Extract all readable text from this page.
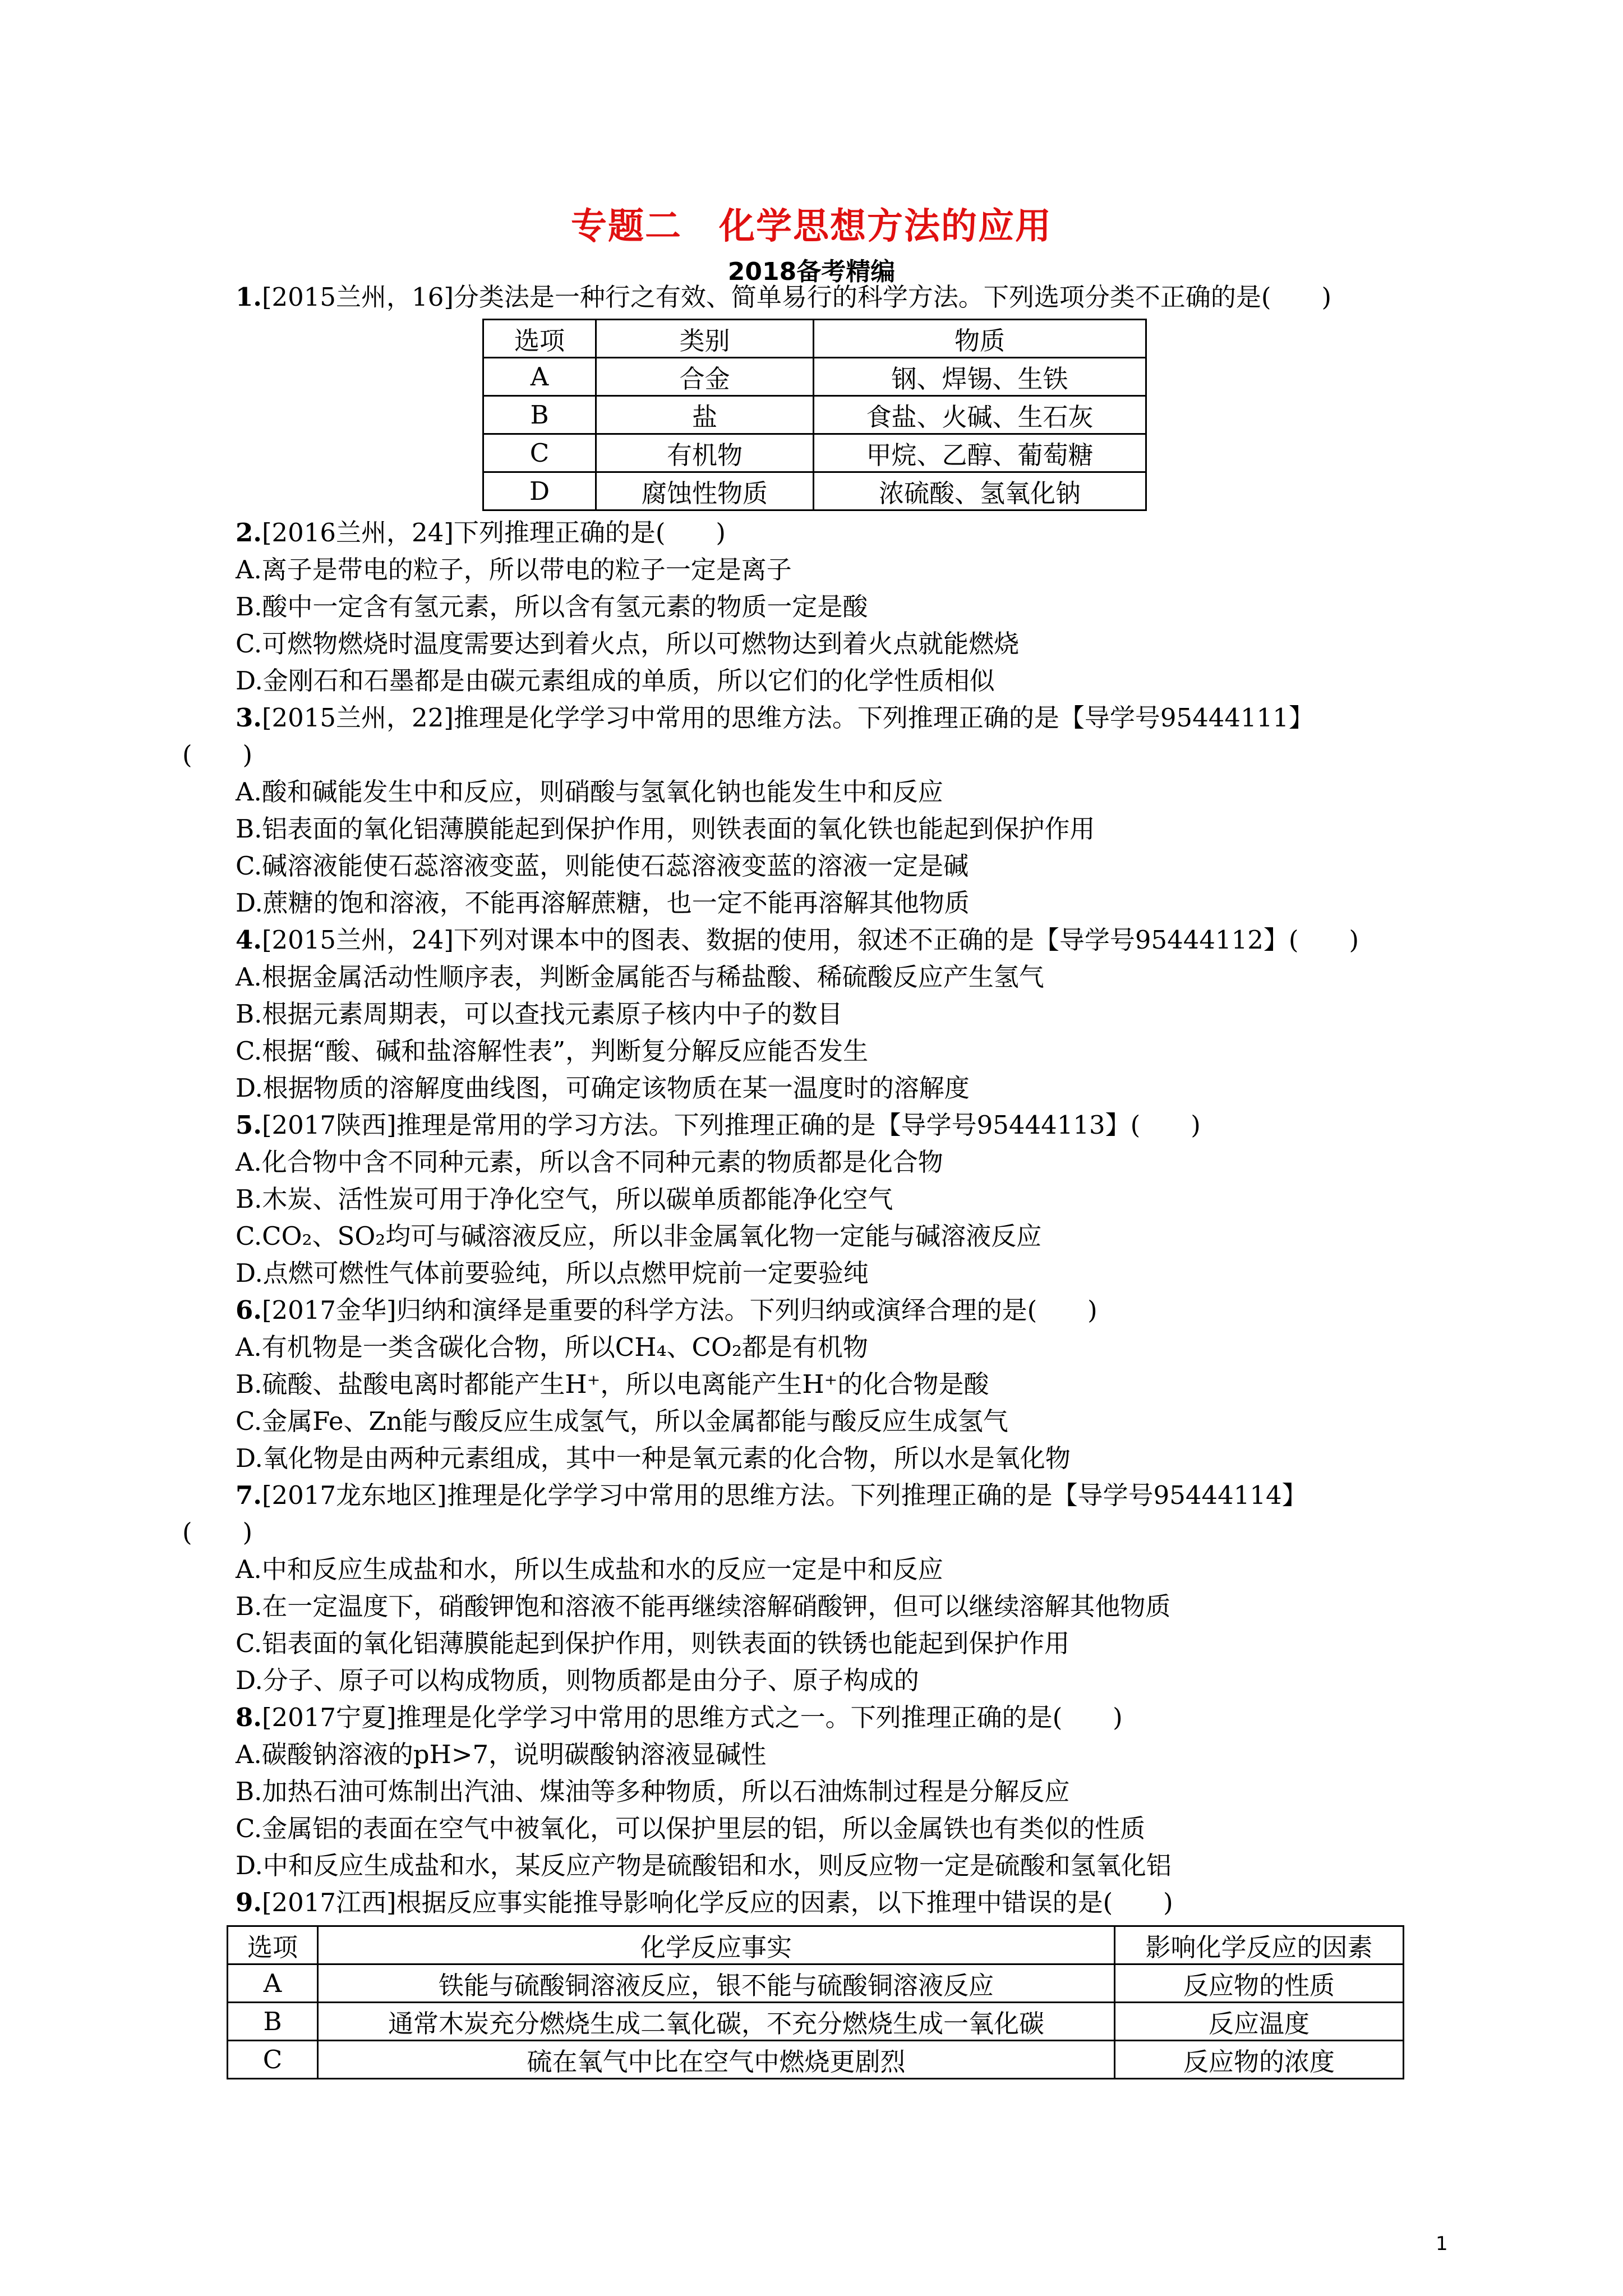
专题二　化学思想方法的应用
2018备考精编
1.[2015兰州，16]分类法是一种行之有效、简单易行的科学方法。下列选项分类不正确的是(　　)
选项	类别	物质
A	合金	钢、焊锡、生铁
B	盐	食盐、火碱、生石灰
C	有机物	甲烷、乙醇、葡萄糖
D	腐蚀性物质	浓硫酸、氢氧化钠
2.[2016兰州，24]下列推理正确的是(　　)
A.离子是带电的粒子，所以带电的粒子一定是离子
B.酸中一定含有氢元素，所以含有氢元素的物质一定是酸
C.可燃物燃烧时温度需要达到着火点，所以可燃物达到着火点就能燃烧
D.金刚石和石墨都是由碳元素组成的单质，所以它们的化学性质相似
3.[2015兰州，22]推理是化学学习中常用的思维方法。下列推理正确的是【导学号95444111】
(　　)
A.酸和碱能发生中和反应，则硝酸与氢氧化钠也能发生中和反应
B.铝表面的氧化铝薄膜能起到保护作用，则铁表面的氧化铁也能起到保护作用
C.碱溶液能使石蕊溶液变蓝，则能使石蕊溶液变蓝的溶液一定是碱
D.蔗糖的饱和溶液，不能再溶解蔗糖，也一定不能再溶解其他物质
4.[2015兰州，24]下列对课本中的图表、数据的使用，叙述不正确的是【导学号95444112】(　　)
A.根据金属活动性顺序表，判断金属能否与稀盐酸、稀硫酸反应产生氢气
B.根据元素周期表，可以查找元素原子核内中子的数目
C.根据“酸、碱和盐溶解性表”，判断复分解反应能否发生
D.根据物质的溶解度曲线图，可确定该物质在某一温度时的溶解度
5.[2017陕西]推理是常用的学习方法。下列推理正确的是【导学号95444113】(　　)
A.化合物中含不同种元素，所以含不同种元素的物质都是化合物
B.木炭、活性炭可用于净化空气，所以碳单质都能净化空气
C.CO₂、SO₂均可与碱溶液反应，所以非金属氧化物一定能与碱溶液反应
D.点燃可燃性气体前要验纯，所以点燃甲烷前一定要验纯
6.[2017金华]归纳和演绎是重要的科学方法。下列归纳或演绎合理的是(　　)
A.有机物是一类含碳化合物，所以CH₄、CO₂都是有机物
B.硫酸、盐酸电离时都能产生H⁺，所以电离能产生H⁺的化合物是酸
C.金属Fe、Zn能与酸反应生成氢气，所以金属都能与酸反应生成氢气
D.氧化物是由两种元素组成，其中一种是氧元素的化合物，所以水是氧化物
7.[2017龙东地区]推理是化学学习中常用的思维方法。下列推理正确的是【导学号95444114】
(　　)
A.中和反应生成盐和水，所以生成盐和水的反应一定是中和反应
B.在一定温度下，硝酸钾饱和溶液不能再继续溶解硝酸钾，但可以继续溶解其他物质
C.铝表面的氧化铝薄膜能起到保护作用，则铁表面的铁锈也能起到保护作用
D.分子、原子可以构成物质，则物质都是由分子、原子构成的
8.[2017宁夏]推理是化学学习中常用的思维方式之一。下列推理正确的是(　　)
A.碳酸钠溶液的pH>7，说明碳酸钠溶液显碱性
B.加热石油可炼制出汽油、煤油等多种物质，所以石油炼制过程是分解反应
C.金属铝的表面在空气中被氧化，可以保护里层的铝，所以金属铁也有类似的性质
D.中和反应生成盐和水，某反应产物是硫酸铝和水，则反应物一定是硫酸和氢氧化铝
9.[2017江西]根据反应事实能推导影响化学反应的因素，以下推理中错误的是(　　)
选项	化学反应事实	影响化学反应的因素
A	铁能与硫酸铜溶液反应，银不能与硫酸铜溶液反应	反应物的性质
B	通常木炭充分燃烧生成二氧化碳，不充分燃烧生成一氧化碳	反应温度
C	硫在氧气中比在空气中燃烧更剧烈	反应物的浓度
1
